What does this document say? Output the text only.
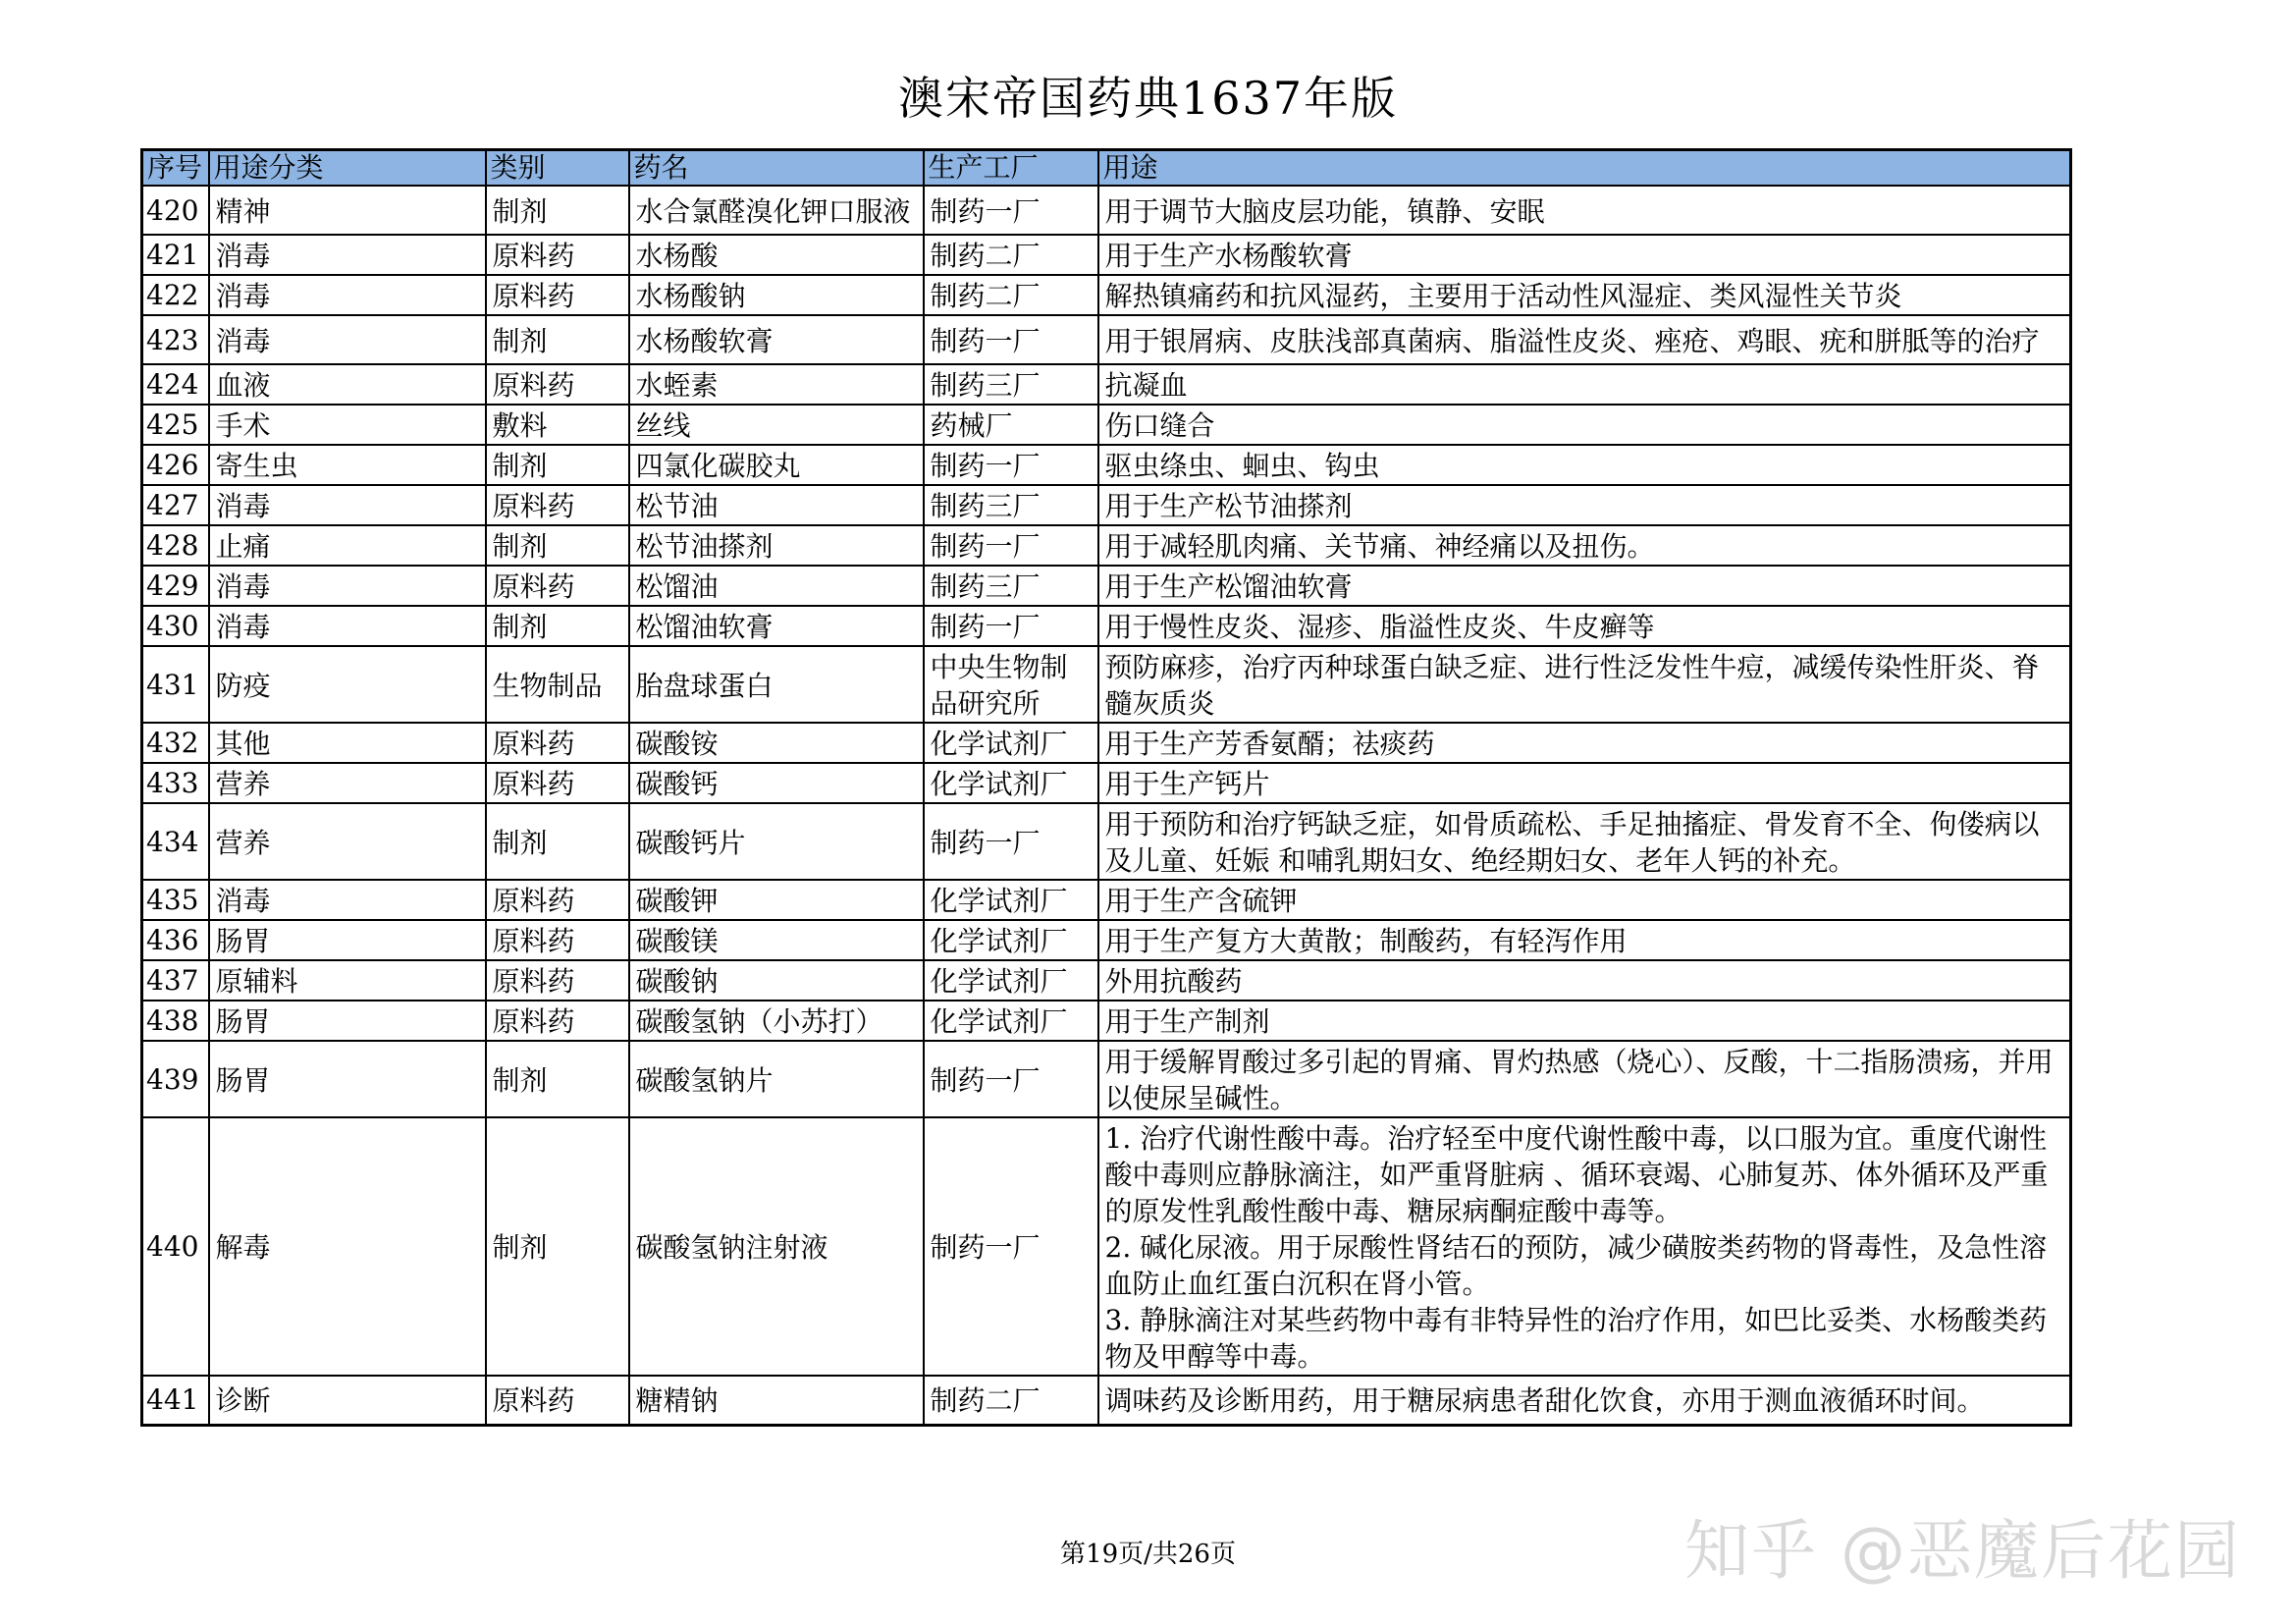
澳宋帝国药典1637年版
序号	用途分类	类别	药名	生产工厂	用途
420	精神	制剂	水合氯醛溴化钾口服液	制药一厂	用于调节大脑皮层功能，镇静、安眠

421	消毒	原料药	水杨酸	制药二厂	用于生产水杨酸软膏

422	消毒	原料药	水杨酸钠	制药二厂	解热镇痛药和抗风湿药，主要用于活动性风湿症、类风湿性关节炎

423	消毒	制剂	水杨酸软膏	制药一厂	用于银屑病、皮肤浅部真菌病、脂溢性皮炎、痤疮、鸡眼、疣和胼胝等的治疗

424	血液	原料药	水蛭素	制药三厂	抗凝血

425	手术	敷料	丝线	药械厂	伤口缝合

426	寄生虫	制剂	四氯化碳胶丸	制药一厂	驱虫绦虫、蛔虫、钩虫

427	消毒	原料药	松节油	制药三厂	用于生产松节油搽剂

428	止痛	制剂	松节油搽剂	制药一厂	用于减轻肌肉痛、关节痛、神经痛以及扭伤。

429	消毒	原料药	松馏油	制药三厂	用于生产松馏油软膏

430	消毒	制剂	松馏油软膏	制药一厂	用于慢性皮炎、湿疹、脂溢性皮炎、牛皮癣等

431	防疫	生物制品	胎盘球蛋白	中央生物制品研究所	预防麻疹，治疗丙种球蛋白缺乏症、进行性泛发性牛痘，减缓传染性肝炎、脊髓灰质炎

432	其他	原料药	碳酸铵	化学试剂厂	用于生产芳香氨醑；祛痰药

433	营养	原料药	碳酸钙	化学试剂厂	用于生产钙片

434	营养	制剂	碳酸钙片	制药一厂	用于预防和治疗钙缺乏症，如骨质疏松、手足抽搐症、骨发育不全、佝偻病以及儿童、妊娠 和哺乳期妇女、绝经期妇女、老年人钙的补充。

435	消毒	原料药	碳酸钾	化学试剂厂	用于生产含硫钾

436	肠胃	原料药	碳酸镁	化学试剂厂	用于生产复方大黄散；制酸药，有轻泻作用

437	原辅料	原料药	碳酸钠	化学试剂厂	外用抗酸药

438	肠胃	原料药	碳酸氢钠（小苏打）	化学试剂厂	用于生产制剂

439	肠胃	制剂	碳酸氢钠片	制药一厂	用于缓解胃酸过多引起的胃痛、胃灼热感（烧心）、反酸，十二指肠溃疡，并用以使尿呈碱性。

440	解毒	制剂	碳酸氢钠注射液	制药一厂	1. 治疗代谢性酸中毒。治疗轻至中度代谢性酸中毒，以口服为宜。重度代谢性酸中毒则应静脉滴注，如严重肾脏病 、循环衰竭、心肺复苏、体外循环及严重的原发性乳酸性酸中毒、糖尿病酮症酸中毒等。
2. 碱化尿液。用于尿酸性肾结石的预防，减少磺胺类药物的肾毒性，及急性溶血防止血红蛋白沉积在肾小管。
3. 静脉滴注对某些药物中毒有非特异性的治疗作用，如巴比妥类、水杨酸类药物及甲醇等中毒。

441	诊断	原料药	糖精钠	制药二厂	调味药及诊断用药，用于糖尿病患者甜化饮食，亦用于测血液循环时间。
第19页/共26页	知乎 @恶魔后花园
